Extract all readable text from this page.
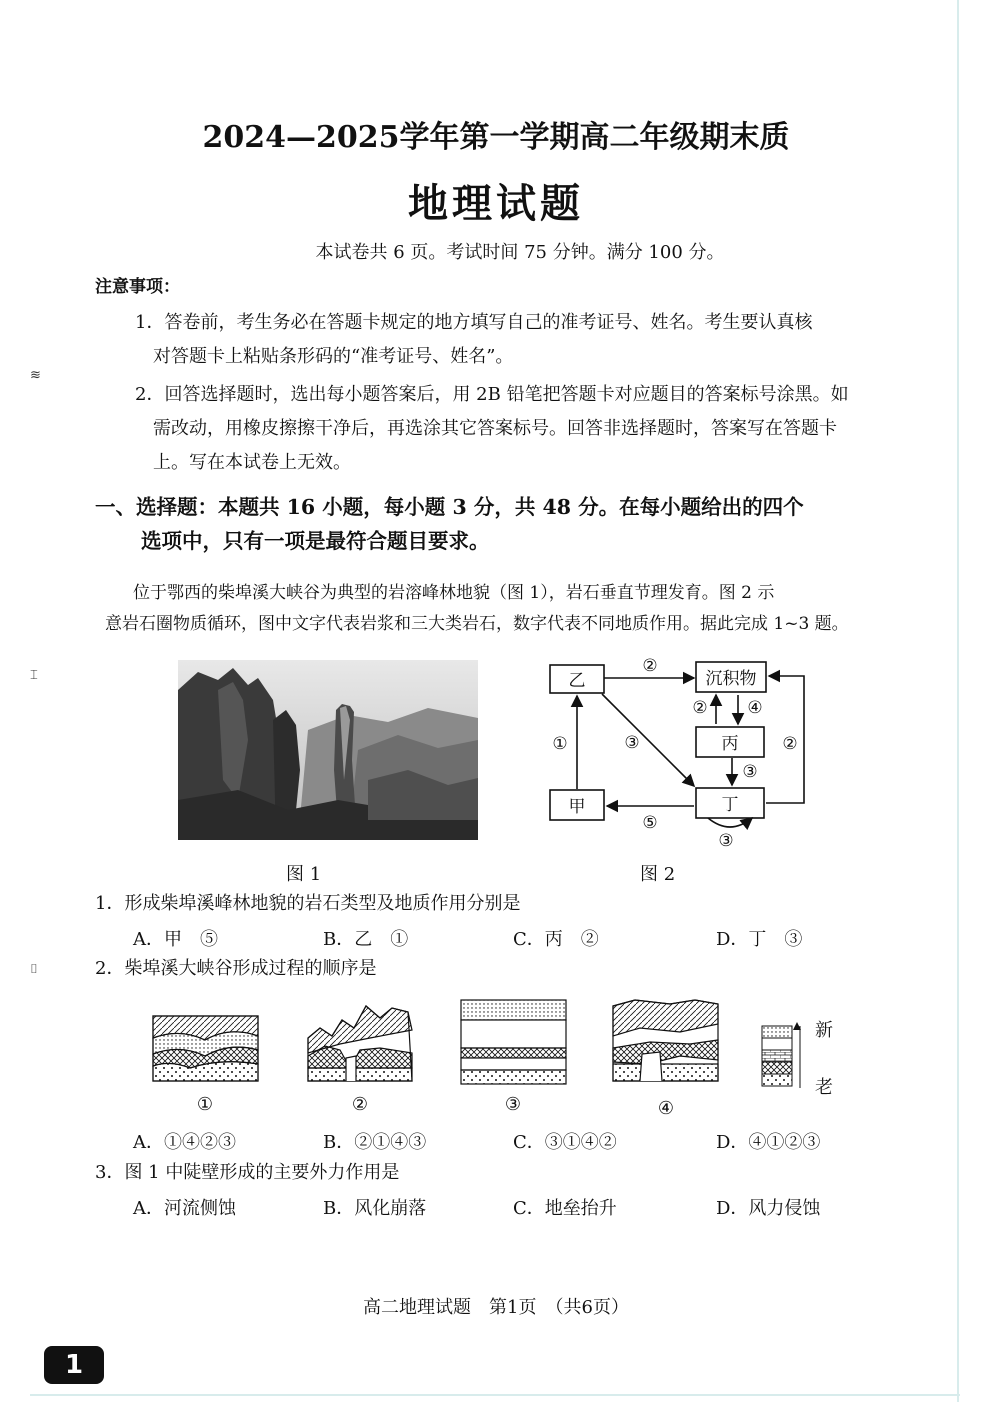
≋
⌶
⌷
2024—2025学年第一学期高二年级期末质
地理试题
本试卷共 6 页。考试时间 75 分钟。满分 100 分。
注意事项：
1．答卷前，考生务必在答题卡规定的地方填写自己的准考证号、姓名。考生要认真核
对答题卡上粘贴条形码的“准考证号、姓名”。
2．回答选择题时，选出每小题答案后，用 2B 铅笔把答题卡对应题目的答案标号涂黑。如
需改动，用橡皮擦擦干净后，再选涂其它答案标号。回答非选择题时，答案写在答题卡
上。写在本试卷上无效。
一、选择题：本题共 16 小题，每小题 3 分，共 48 分。在每小题给出的四个
选项中，只有一项是最符合题目要求。
位于鄂西的柴埠溪大峡谷为典型的岩溶峰林地貌（图 1），岩石垂直节理发育。图 2 示
意岩石圈物质循环，图中文字代表岩浆和三大类岩石，数字代表不同地质作用。据此完成 1~3 题。
乙	沉积物
丙
甲	丁
②
② ④
③
③
①
⑤
②
③
图 1	图 2
1．形成柴埠溪峰林地貌的岩石类型及地质作用分别是
A．甲　⑤	B．乙　①	C．丙　②	D．丁　③
2．柴埠溪大峡谷形成过程的顺序是
新
老
①	②	③	④
A．①④②③	B．②①④③	C．③①④②	D．④①②③
3．图 1 中陡壁形成的主要外力作用是
A．河流侧蚀	B．风化崩落	C．地垒抬升	D．风力侵蚀
高二地理试题　第1页　（共6页）
1
